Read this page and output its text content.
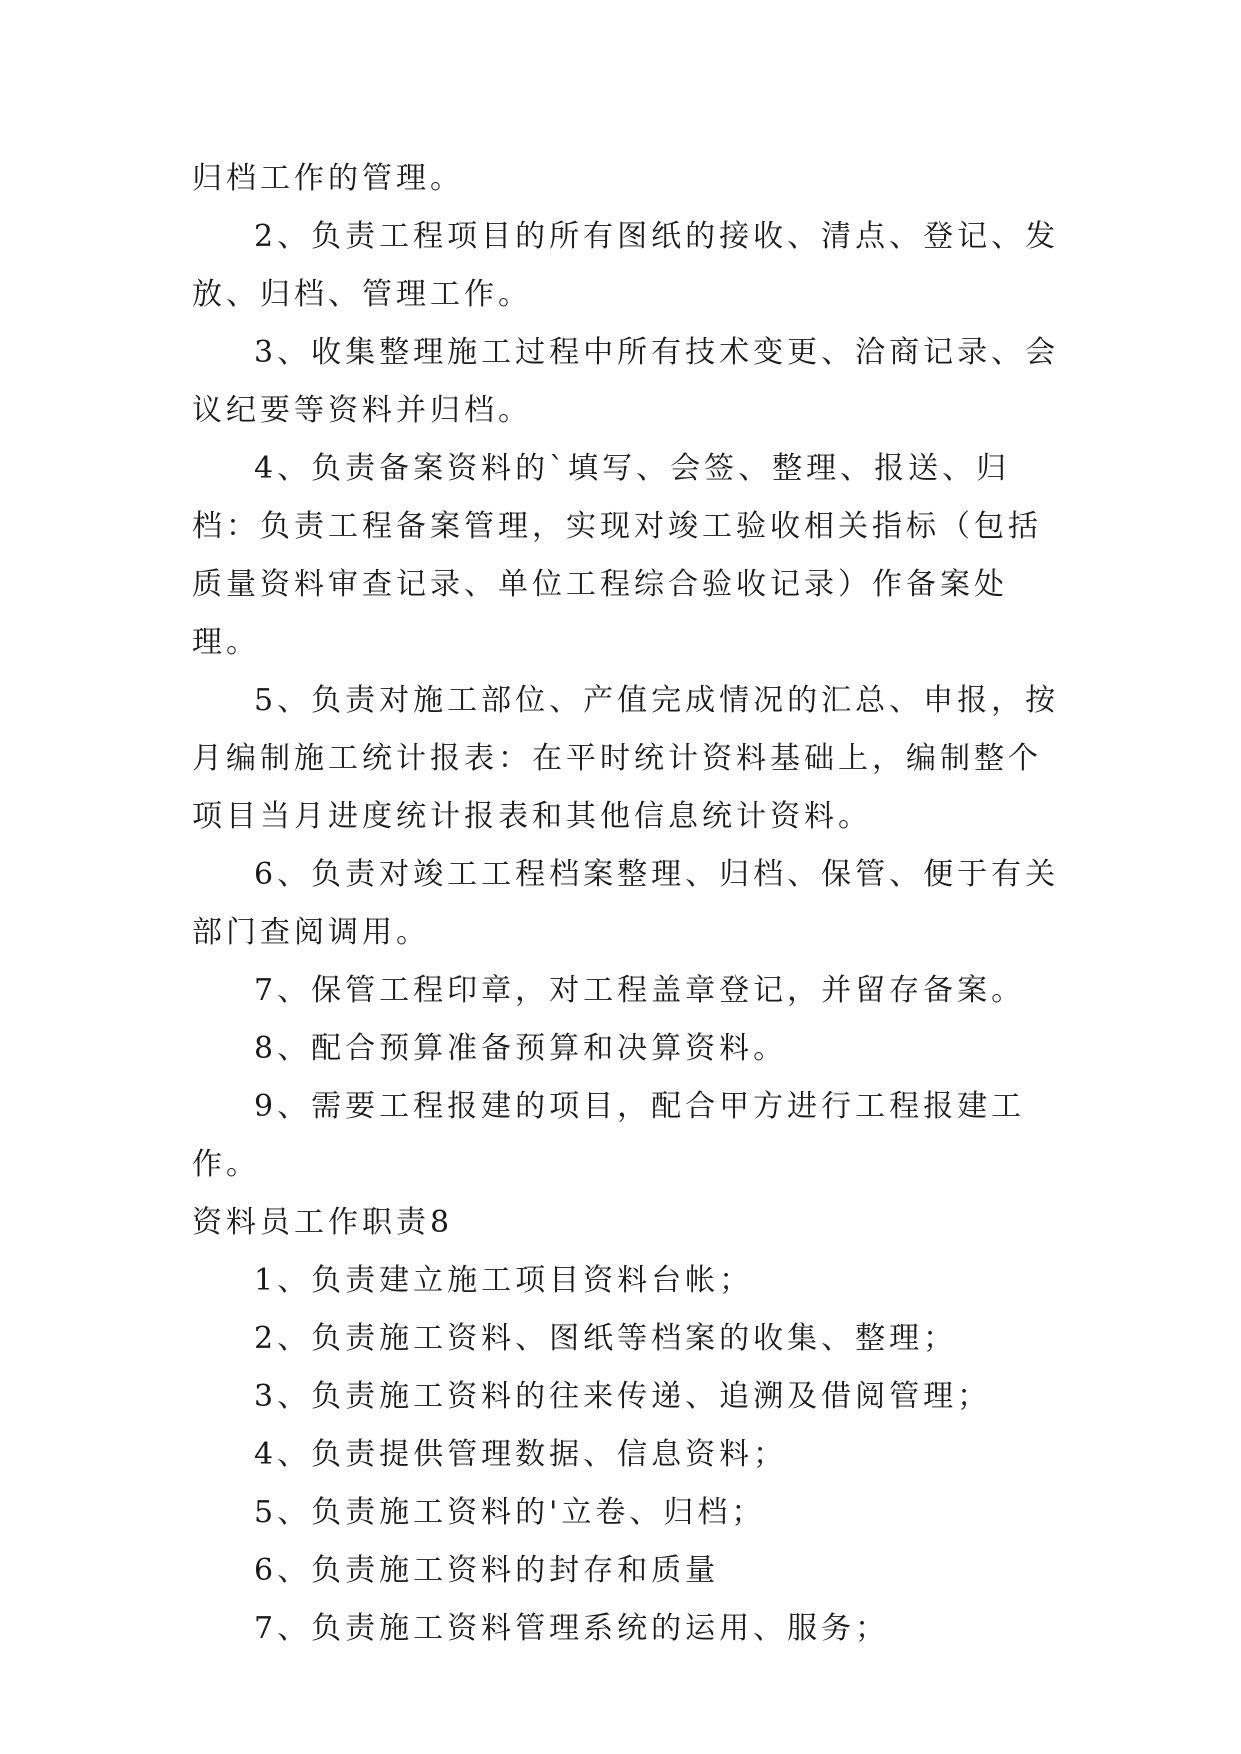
归档工作的管理。

2、负责工程项目的所有图纸的接收、清点、登记、发放、归档、管理工作。

3、收集整理施工过程中所有技术变更、洽商记录、会议纪要等资料并归档。

4、负责备案资料的`填写、会签、整理、报送、归档：负责工程备案管理，实现对竣工验收相关指标（包括质量资料审查记录、单位工程综合验收记录）作备案处理。

5、负责对施工部位、产值完成情况的汇总、申报，按月编制施工统计报表：在平时统计资料基础上，编制整个项目当月进度统计报表和其他信息统计资料。

6、负责对竣工工程档案整理、归档、保管、便于有关部门查阅调用。

7、保管工程印章，对工程盖章登记，并留存备案。

8、配合预算准备预算和决算资料。

9、需要工程报建的项目，配合甲方进行工程报建工作。

资料员工作职责8

1、负责建立施工项目资料台帐；

2、负责施工资料、图纸等档案的收集、整理；

3、负责施工资料的往来传递、追溯及借阅管理；

4、负责提供管理数据、信息资料；

5、负责施工资料的'立卷、归档；

6、负责施工资料的封存和质量

7、负责施工资料管理系统的运用、服务；
